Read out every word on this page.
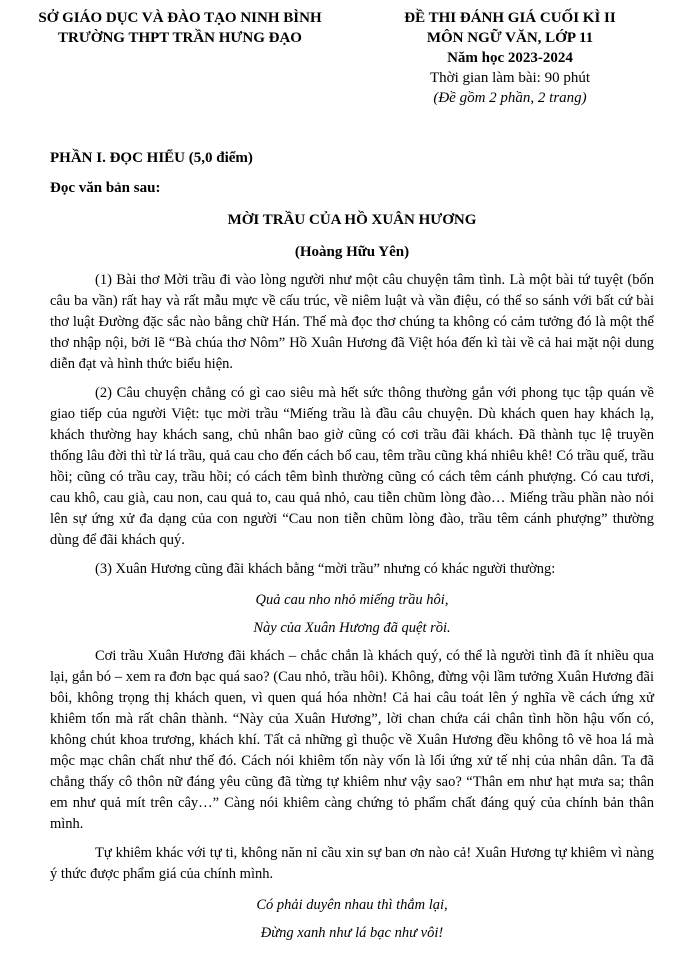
SỞ GIÁO DỤC VÀ ĐÀO TẠO NINH BÌNH
TRƯỜNG THPT TRẦN HƯNG ĐẠO
ĐỀ THI ĐÁNH GIÁ CUỐI KÌ II
MÔN NGỮ VĂN, LỚP 11
Năm học 2023-2024
Thời gian làm bài: 90 phút
(Đề gồm 2 phần, 2 trang)
PHẦN I. ĐỌC HIỂU (5,0 điểm)
Đọc văn bản sau:
MỜI TRẦU CỦA HỒ XUÂN HƯƠNG
(Hoàng Hữu Yên)

(1) Bài thơ Mời trầu đi vào lòng người như một câu chuyện tâm tình. Là một bài tứ tuyệt (bốn câu ba vần) rất hay và rất mẫu mực về cấu trúc, về niêm luật và vần điệu, có thể so sánh với bất cứ bài thơ luật Đường đặc sắc nào bằng chữ Hán. Thế mà đọc thơ chúng ta không có cảm tưởng đó là một thể thơ nhập nội, bởi lẽ “Bà chúa thơ Nôm” Hồ Xuân Hương đã Việt hóa đến kì tài về cả hai mặt nội dung diễn đạt và hình thức biểu hiện.

(2) Câu chuyện chẳng có gì cao siêu mà hết sức thông thường gắn với phong tục tập quán về giao tiếp của người Việt: tục mời trầu “Miếng trầu là đầu câu chuyện. Dù khách quen hay khách lạ, khách thường hay khách sang, chủ nhân bao giờ cũng có cơi trầu đãi khách. Đã thành tục lệ truyền thống lâu đời thì từ lá trầu, quả cau cho đến cách bổ cau, têm trầu cũng khá nhiêu khê! Có trầu quế, trầu hồi; cũng có trầu cay, trầu hồi; có cách têm bình thường cũng có cách têm cánh phượng. Có cau tươi, cau khô, cau già, cau non, cau quả to, cau quả nhỏ, cau tiễn chũm lòng đào… Miếng trầu phần nào nói lên sự ứng xử đa dạng của con người “Cau non tiễn chũm lòng đào, trầu têm cánh phượng” thường dùng để đãi khách quý.

(3) Xuân Hương cũng đãi khách bằng “mời trầu” nhưng có khác người thường:

Quả cau nho nhỏ miếng trầu hôi,
Này của Xuân Hương đã quệt rồi.

Cơi trầu Xuân Hương đãi khách – chắc chắn là khách quý, có thể là người tình đã ít nhiều qua lại, gắn bó – xem ra đơn bạc quá sao? (Cau nhỏ, trầu hôi). Không, đừng vội lầm tưởng Xuân Hương đãi bôi, không trọng thị khách quen, vì quen quá hóa nhờn! Cả hai câu toát lên ý nghĩa về cách ứng xử khiêm tốn mà rất chân thành. “Này của Xuân Hương”, lời chan chứa cái chân tình hồn hậu vốn có, không chút khoa trương, khách khí. Tất cả những gì thuộc về Xuân Hương đều không tô vẽ hoa lá mà mộc mạc chân chất như thế đó. Cách nói khiêm tốn này vốn là lối ứng xử tế nhị của nhân dân. Ta đã chẳng thấy cô thôn nữ đáng yêu cũng đã từng tự khiêm như vậy sao? “Thân em như hạt mưa sa; thân em như quả mít trên cây…” Càng nói khiêm càng chứng tỏ phẩm chất đáng quý của chính bản thân mình.

Tự khiêm khác với tự ti, không năn nỉ cầu xin sự ban ơn nào cả! Xuân Hương tự khiêm vì nàng ý thức được phẩm giá của chính mình.

Có phải duyên nhau thì thắm lại,
Đừng xanh như lá bạc như vôi!
